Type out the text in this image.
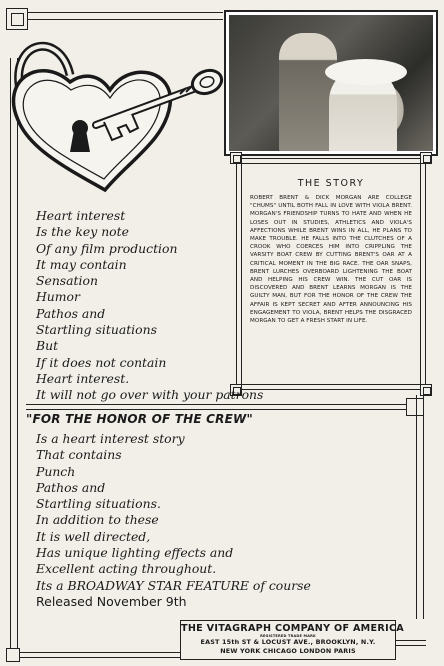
THE STORY
ROBERT BRENT & DICK MORGAN ARE COLLEGE "CHUMS" UNTIL BOTH FALL IN LOVE WITH VIOLA BRENT. MORGAN'S FRIENDSHIP TURNS TO HATE AND WHEN HE LOSES OUT IN STUDIES, ATHLETICS AND VIOLA'S AFFECTIONS WHILE BRENT WINS IN ALL, HE PLANS TO MAKE TROUBLE. HE FALLS INTO THE CLUTCHES OF A CROOK WHO COERCES HIM INTO CRIPPLING THE VARSITY BOAT CREW BY CUTTING BRENT'S OAR AT A CRITICAL MOMENT IN THE BIG RACE. THE OAR SNAPS, BRENT LURCHES OVERBOARD LIGHTENING THE BOAT AND HELPING HIS CREW WIN. THE CUT OAR IS DISCOVERED AND BRENT LEARNS MORGAN IS THE GUILTY MAN, BUT FOR THE HONOR OF THE CREW THE AFFAIR IS KEPT SECRET AND AFTER ANNOUNCING HIS ENGAGEMENT TO VIOLA, BRENT HELPS THE DISGRACED MORGAN TO GET A FRESH START IN LIFE.
Heart interest
Is the key note
Of any film production
It may contain
Sensation
Humor
Pathos and
Startling situations
But
If it does not contain
Heart interest.
It will not go over with your patrons
"FOR THE HONOR OF THE CREW"
Is a heart interest story
That contains
Punch
Pathos and
Startling situations.
In addition to these
It is well directed,
Has unique lighting effects and
Excellent acting throughout.
Its a BROADWAY STAR FEATURE of course
Released November 9th
THE VITAGRAPH COMPANY OF AMERICA
REGISTERED TRADE MARK
EAST 15th ST & LOCUST AVE., BROOKLYN, N.Y.
NEW YORK CHICAGO LONDON PARIS
